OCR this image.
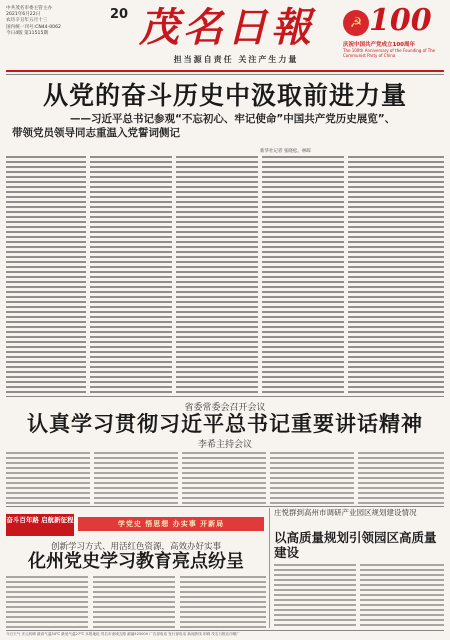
中共茂名市委主管主办
2021年6月22日
农历辛丑年五月十三
国内统一刊号:CN44-0062
今日4版 第11515期
20 茂名日報
担当源自责任 关注产生力量
☭ 100
庆祝中国共产党成立100周年
The 100th Anniversary of the Founding of The Communist Party of China
从党的奋斗历史中汲取前进力量
——习近平总书记参观“不忘初心、牢记使命”中国共产党历史展览”、
带领党员领导同志重温入党誓词侧记
新华社记者 张晓松、林晖
省委常委会召开会议
认真学习贯彻习近平总书记重要讲话精神
李希主持会议
奋斗百年路 启航新征程	学党史 悟思想 办实事 开新局
创新学习方式、用活红色资源，高效办好实事
化州党史学习教育亮点纷呈
庄悦群到高州市调研产业园区规划建设情况
以高质量规划引领园区高质量建设
今日天气 多云转晴 最高气温34℃ 最低气温27℃ 本报地址 茂名市油城五路 邮编525000 广告部电话 发行部电话 新闻热线 印刷 茂名日报社印刷厂
